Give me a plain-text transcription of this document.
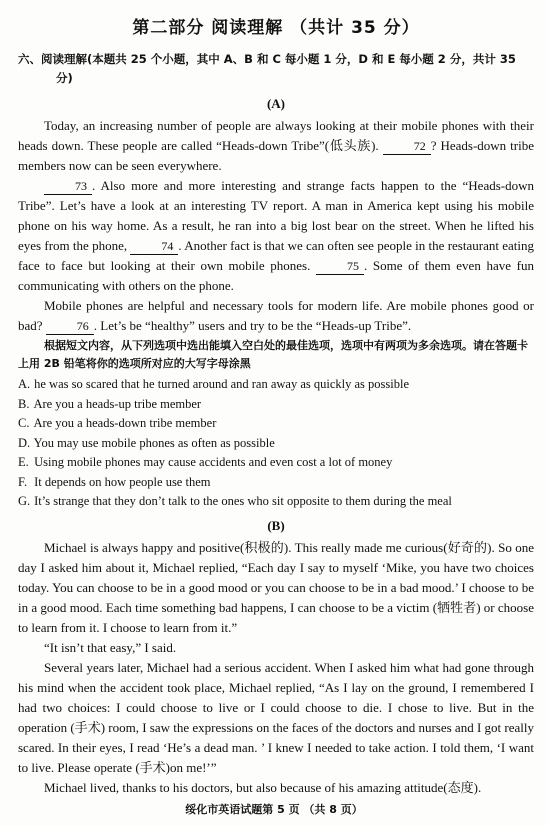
第二部分 阅读理解 （共计 35 分）
六、阅读理解(本题共 25 个小题，其中 A、B 和 C 每小题 1 分，D 和 E 每小题 2 分，共计 35 分)
(A)

Today, an increasing number of people are always looking at their mobile phones with their heads down. These people are called “Heads-down Tribe”(低头族).	72 ? Heads-down tribe members now can be seen everywhere.

73 . Also more and more interesting and strange facts happen to the “Heads-down Tribe”. Let’s have a look at an interesting TV report. A man in America kept using his mobile phone on his way home. As a result, he ran into a big lost bear on the street. When he lifted his eyes from the phone,	74 . Another fact is that we can often see people in the restaurant eating face to face but looking at their own mobile phones.	75 . Some of them even have fun communicating with others on the phone.

Mobile phones are helpful and necessary tools for modern life. Are mobile phones good or bad?	76 . Let’s be “healthy” users and try to be the “Heads-up Tribe”.

根据短文内容，从下列选项中选出能填入空白处的最佳选项，选项中有两项为多余选项。请在答题卡上用 2B 铅笔将你的选项所对应的大写字母涂黑
A. he was so scared that he turned around and ran away as quickly as possible
B. Are you a heads-up tribe member
C. Are you a heads-down tribe member
D. You may use mobile phones as often as possible
E. Using mobile phones may cause accidents and even cost a lot of money
F. It depends on how people use them
G. It’s strange that they don’t talk to the ones who sit opposite to them during the meal
(B)

Michael is always happy and positive(积极的). This really made me curious(好奇的). So one day I asked him about it, Michael replied, “Each day I say to myself ‘Mike, you have two choices today. You can choose to be in a good mood or you can choose to be in a bad mood.’ I choose to be in a good mood. Each time something bad happens, I can choose to be a victim (牺牲者) or choose to learn from it. I choose to learn from it.”

“It isn’t that easy,” I said.

Several years later, Michael had a serious accident. When I asked him what had gone through his mind when the accident took place, Michael replied, “As I lay on the ground, I remembered I had two choices: I could choose to live or I could choose to die. I chose to live. But in the operation (手术) room, I saw the expressions on the faces of the doctors and nurses and I got really scared. In their eyes, I read ‘He’s a dead man. ’ I knew I needed to take action. I told them, ‘I want to live. Please operate (手术)on me!’”

Michael lived, thanks to his doctors, but also because of his amazing attitude(态度).

绥化市英语试题第 5 页 （共 8 页）
